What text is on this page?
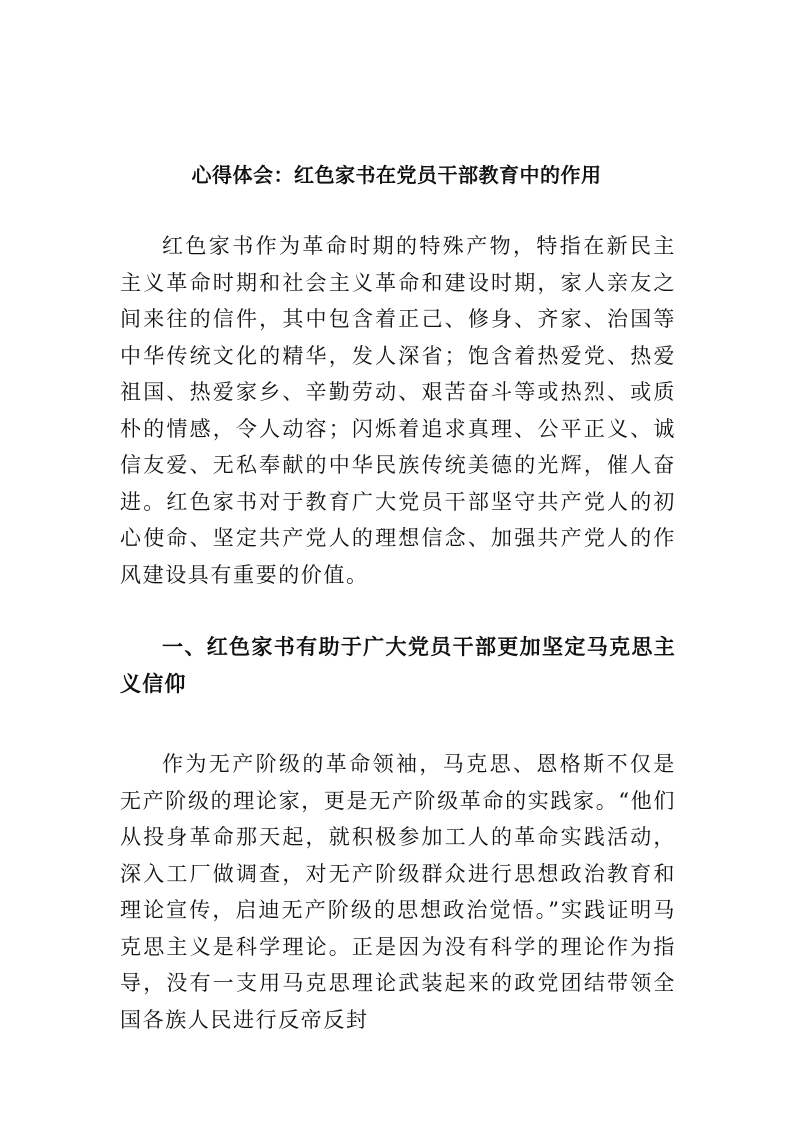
心得体会：红色家书在党员干部教育中的作用

红色家书作为革命时期的特殊产物，特指在新民主主义革命时期和社会主义革命和建设时期，家人亲友之间来往的信件，其中包含着正己、修身、齐家、治国等中华传统文化的精华，发人深省；饱含着热爱党、热爱祖国、热爱家乡、辛勤劳动、艰苦奋斗等或热烈、或质朴的情感，令人动容；闪烁着追求真理、公平正义、诚信友爱、无私奉献的中华民族传统美德的光辉，催人奋进。红色家书对于教育广大党员干部坚守共产党人的初心使命、坚定共产党人的理想信念、加强共产党人的作风建设具有重要的价值。

一、红色家书有助于广大党员干部更加坚定马克思主义信仰

作为无产阶级的革命领袖，马克思、恩格斯不仅是无产阶级的理论家，更是无产阶级革命的实践家。“他们从投身革命那天起，就积极参加工人的革命实践活动，深入工厂做调查，对无产阶级群众进行思想政治教育和理论宣传，启迪无产阶级的思想政治觉悟。”实践证明马克思主义是科学理论。正是因为没有科学的理论作为指导，没有一支用马克思理论武装起来的政党团结带领全国各族人民进行反帝反封
